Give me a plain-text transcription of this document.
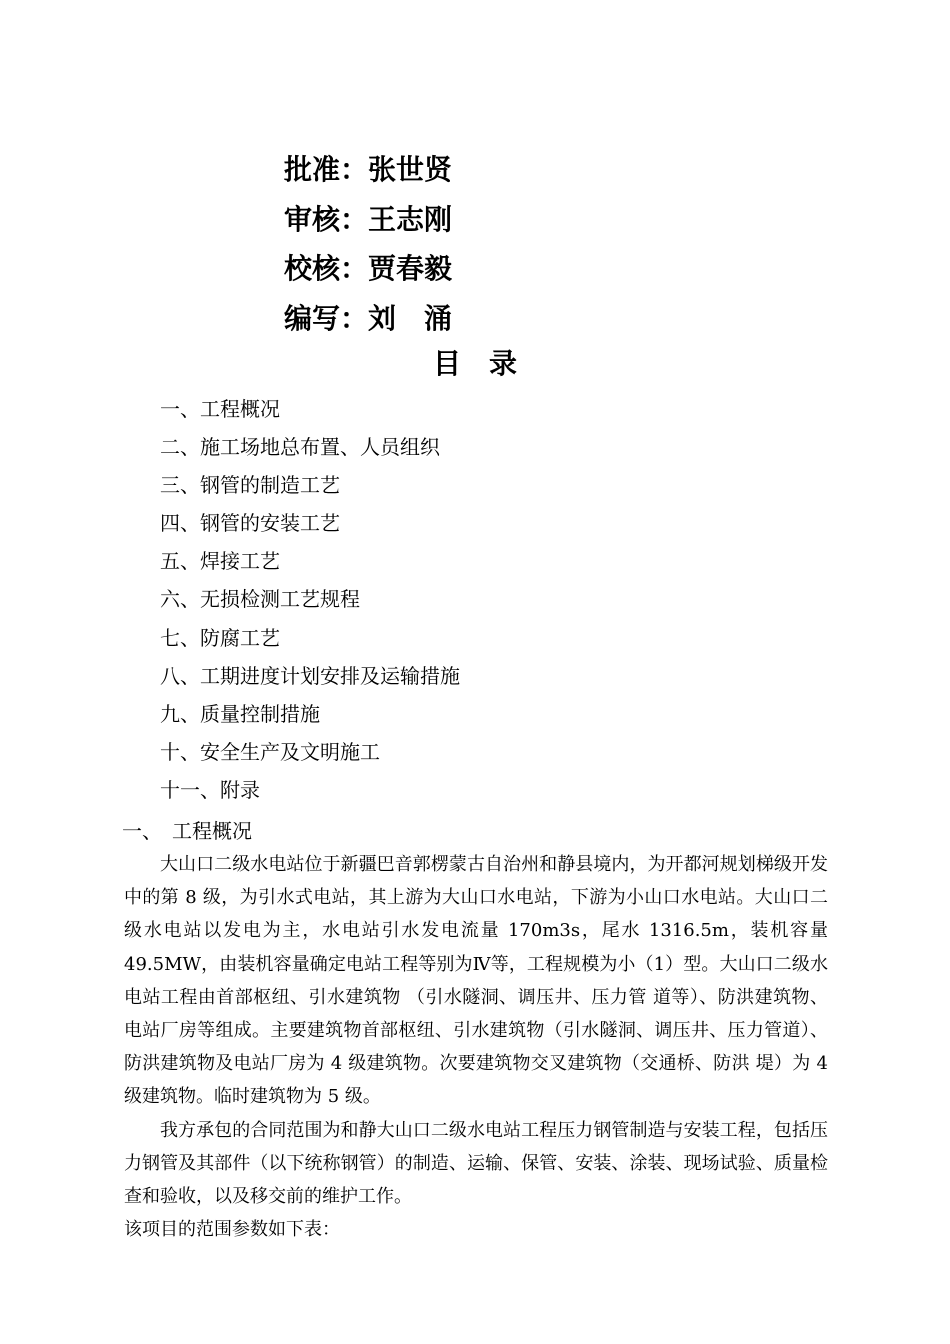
批准：张世贤
审核：王志刚
校核：贾春毅
编写：刘　涌
目　录
一、工程概况
二、施工场地总布置、人员组织
三、钢管的制造工艺
四、钢管的安装工艺
五、焊接工艺
六、无损检测工艺规程
七、防腐工艺
八、工期进度计划安排及运输措施
九、质量控制措施
十、安全生产及文明施工
十一、附录
一、　工程概况

大山口二级水电站位于新疆巴音郭楞蒙古自治州和静县境内，为开都河规划梯级开发中的第 8 级，为引水式电站，其上游为大山口水电站，下游为小山口水电站。大山口二级水电站以发电为主，水电站引水发电流量 170m3s，尾水 1316.5m，装机容量 49.5MW，由装机容量确定电站工程等别为Ⅳ等，工程规模为小（1）型。大山口二级水电站工程由首部枢纽、引水建筑物 （引水隧洞、调压井、压力管 道等）、防洪建筑物、电站厂房等组成。主要建筑物首部枢纽、引水建筑物（引水隧洞、调压井、压力管道）、防洪建筑物及电站厂房为 4 级建筑物。次要建筑物交叉建筑物（交通桥、防洪 堤）为 4 级建筑物。临时建筑物为 5 级。

我方承包的合同范围为和静大山口二级水电站工程压力钢管制造与安装工程，包括压力钢管及其部件（以下统称钢管）的制造、运输、保管、安装、涂装、现场试验、质量检查和验收，以及移交前的维护工作。

该项目的范围参数如下表：
